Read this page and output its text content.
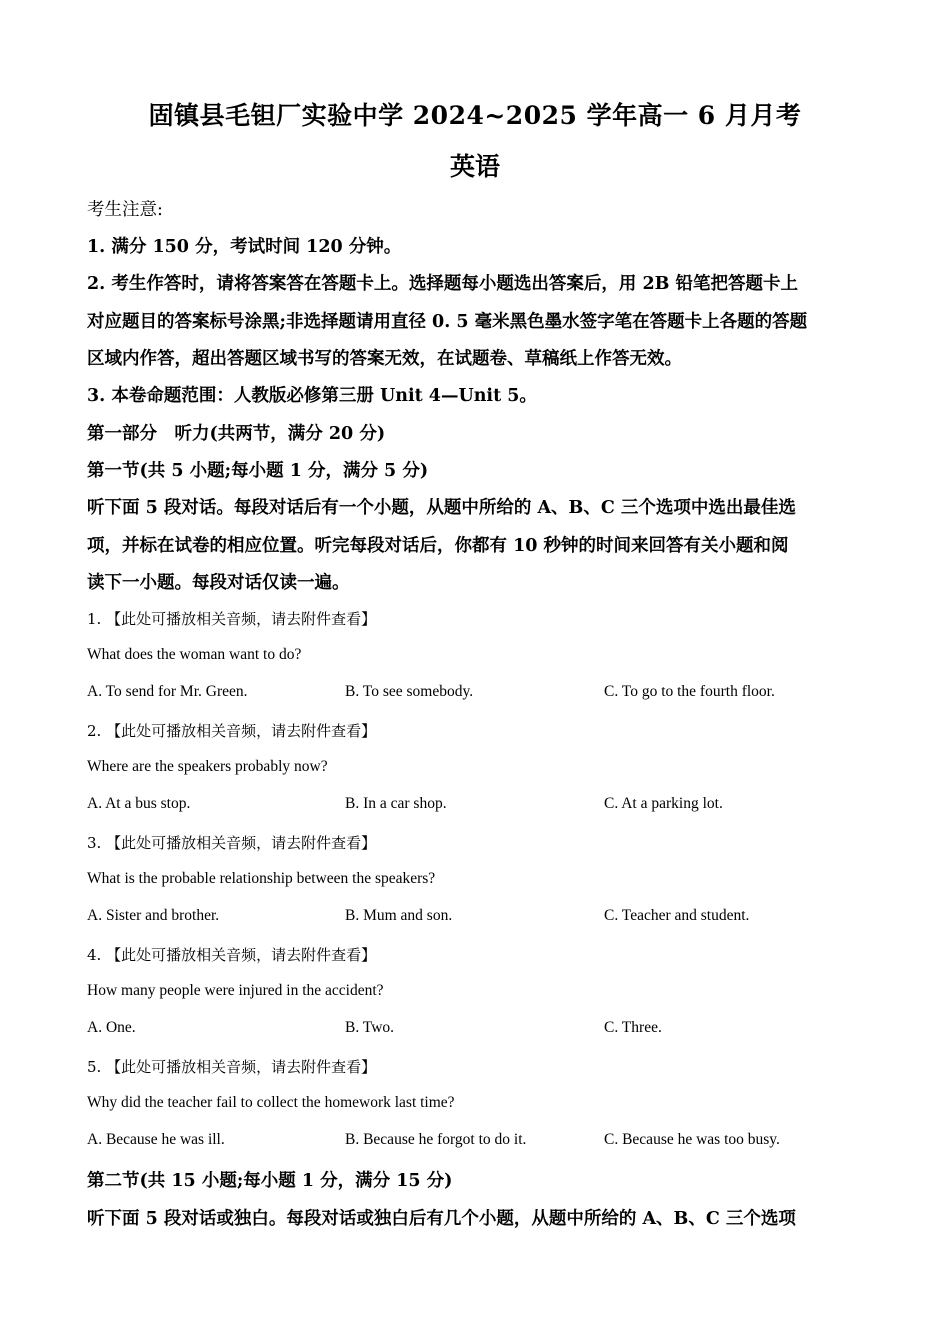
固镇县毛钽厂实验中学 2024~2025 学年高一 6 月月考
英语
考生注意:
1. 满分 150 分，考试时间 120 分钟。
2. 考生作答时，请将答案答在答题卡上。选择题每小题选出答案后，用 2B 铅笔把答题卡上
对应题目的答案标号涂黑;非选择题请用直径 0. 5 毫米黑色墨水签字笔在答题卡上各题的答题
区域内作答，超出答题区域书写的答案无效，在试题卷、草稿纸上作答无效。
3. 本卷命题范围：人教版必修第三册 Unit 4—Unit 5。
第一部分　听力(共两节，满分 20 分)
第一节(共 5 小题;每小题 1 分，满分 5 分)
听下面 5 段对话。每段对话后有一个小题，从题中所给的 A、B、C 三个选项中选出最佳选
项，并标在试卷的相应位置。听完每段对话后，你都有 10 秒钟的时间来回答有关小题和阅
读下一小题。每段对话仅读一遍。
1. 【此处可播放相关音频，请去附件查看】
What does the woman want to do?
A. To send for Mr. Green.	B. To see somebody.	C. To go to the fourth floor.
2. 【此处可播放相关音频，请去附件查看】
Where are the speakers probably now?
A. At a bus stop.	B. In a car shop.	C. At a parking lot.
3. 【此处可播放相关音频，请去附件查看】
What is the probable relationship between the speakers?
A. Sister and brother.	B. Mum and son.	C. Teacher and student.
4. 【此处可播放相关音频，请去附件查看】
How many people were injured in the accident?
A. One.	B. Two.	C. Three.
5. 【此处可播放相关音频，请去附件查看】
Why did the teacher fail to collect the homework last time?
A. Because he was ill.	B. Because he forgot to do it.	C. Because he was too busy.
第二节(共 15 小题;每小题 1 分，满分 15 分)
听下面 5 段对话或独白。每段对话或独白后有几个小题，从题中所给的 A、B、C 三个选项
